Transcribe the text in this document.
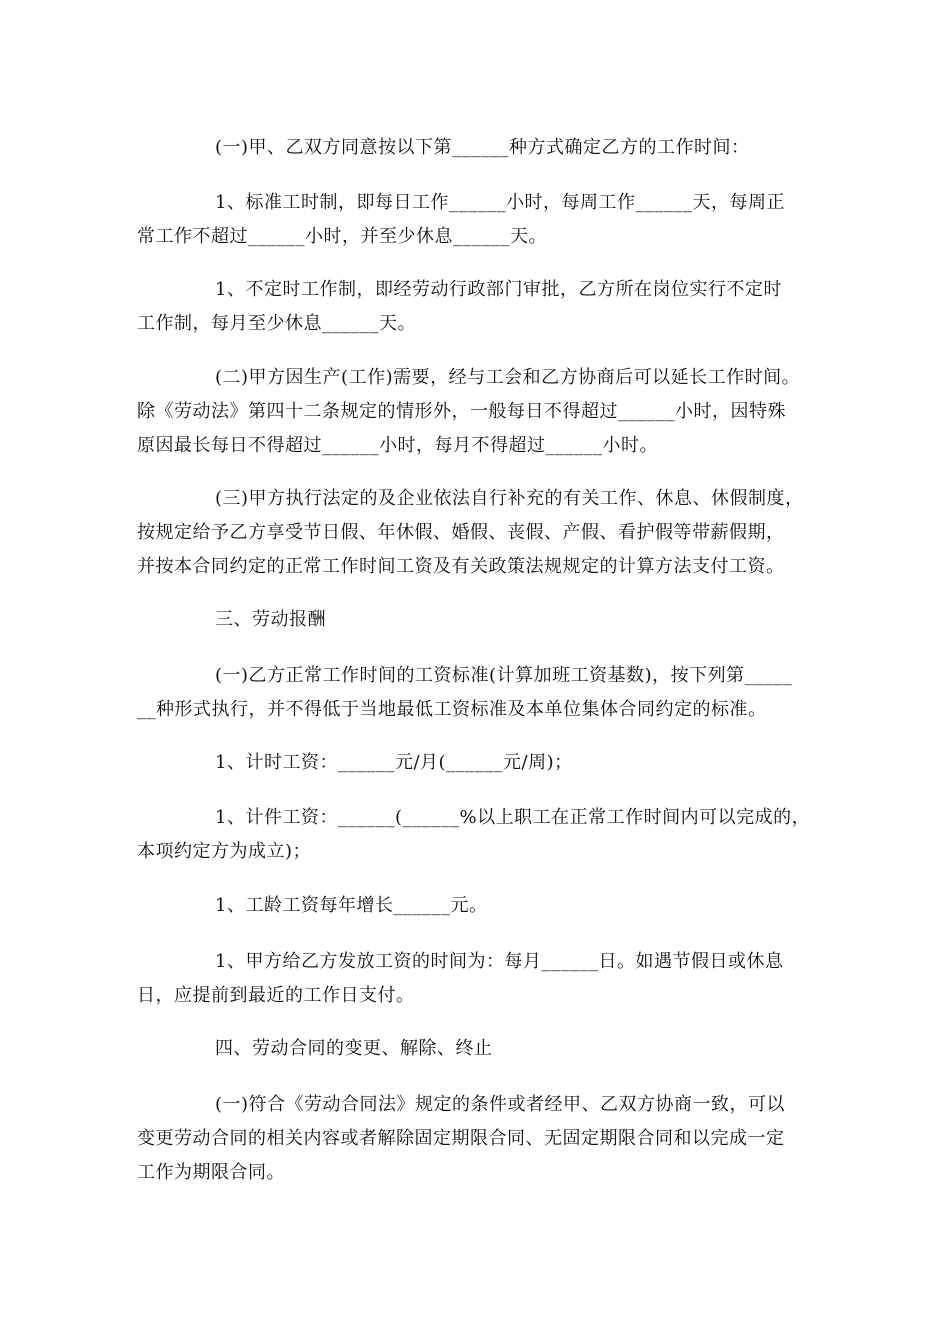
(一)甲、乙双方同意按以下第______种方式确定乙方的工作时间：

1、标准工时制，即每日工作______小时，每周工作______天，每周正
常工作不超过______小时，并至少休息______天。

1、不定时工作制，即经劳动行政部门审批，乙方所在岗位实行不定时
工作制，每月至少休息______天。

(二)甲方因生产(工作)需要，经与工会和乙方协商后可以延长工作时间。
除《劳动法》第四十二条规定的情形外，一般每日不得超过______小时，因特殊
原因最长每日不得超过______小时，每月不得超过______小时。

(三)甲方执行法定的及企业依法自行补充的有关工作、休息、休假制度，
按规定给予乙方享受节日假、年休假、婚假、丧假、产假、看护假等带薪假期，
并按本合同约定的正常工作时间工资及有关政策法规规定的计算方法支付工资。

三、劳动报酬

(一)乙方正常工作时间的工资标准(计算加班工资基数)，按下列第_____
__种形式执行，并不得低于当地最低工资标准及本单位集体合同约定的标准。

1、计时工资：______元/月(______元/周)；

1、计件工资：______(______%以上职工在正常工作时间内可以完成的，
本项约定方为成立)；

1、工龄工资每年增长______元。

1、甲方给乙方发放工资的时间为：每月______日。如遇节假日或休息
日，应提前到最近的工作日支付。

四、劳动合同的变更、解除、终止

(一)符合《劳动合同法》规定的条件或者经甲、乙双方协商一致，可以
变更劳动合同的相关内容或者解除固定期限合同、无固定期限合同和以完成一定
工作为期限合同。
